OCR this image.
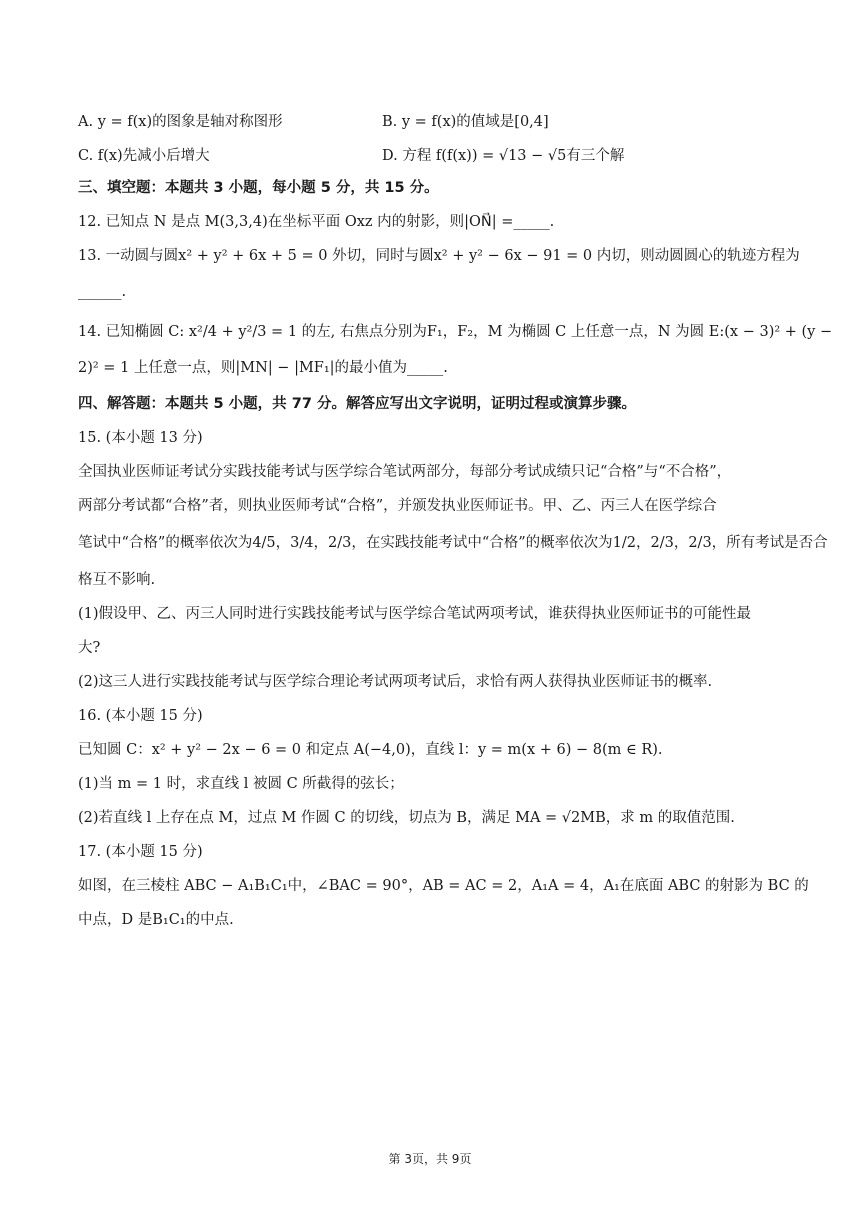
A. y = f(x)的图象是轴对称图形	B. y = f(x)的值域是[0,4]
C. f(x)先减小后增大	D. 方程 f(f(x)) = √13 − √5有三个解
三、填空题：本题共 3 小题，每小题 5 分，共 15 分。
12. 已知点 N 是点 M(3,3,4)在坐标平面 Oxz 内的射影，则|ON⃗| =_____.
13. 一动圆与圆x² + y² + 6x + 5 = 0 外切，同时与圆x² + y² − 6x − 91 = 0 内切，则动圆圆心的轨迹方程为
______.
14. 已知椭圆 C: x²/4 + y²/3 = 1 的左, 右焦点分别为F₁，F₂，M 为椭圆 C 上任意一点，N 为圆 E:(x − 3)² + (y −
2)² = 1 上任意一点，则|MN| − |MF₁|的最小值为_____.
四、解答题：本题共 5 小题，共 77 分。解答应写出文字说明，证明过程或演算步骤。
15. (本小题 13 分)
全国执业医师证考试分实践技能考试与医学综合笔试两部分，每部分考试成绩只记“合格”与“不合格”，
两部分考试都“合格”者，则执业医师考试“合格”，并颁发执业医师证书。甲、乙、丙三人在医学综合
笔试中“合格”的概率依次为4/5，3/4，2/3，在实践技能考试中“合格”的概率依次为1/2，2/3，2/3，所有考试是否合
格互不影响.
(1)假设甲、乙、丙三人同时进行实践技能考试与医学综合笔试两项考试，谁获得执业医师证书的可能性最
大?
(2)这三人进行实践技能考试与医学综合理论考试两项考试后，求恰有两人获得执业医师证书的概率.
16. (本小题 15 分)
已知圆 C：x² + y² − 2x − 6 = 0 和定点 A(−4,0)，直线 l：y = m(x + 6) − 8(m ∈ R).
(1)当 m = 1 时，求直线 l 被圆 C 所截得的弦长；
(2)若直线 l 上存在点 M，过点 M 作圆 C 的切线，切点为 B，满足 MA = √2MB，求 m 的取值范围.
17. (本小题 15 分)
如图，在三棱柱 ABC − A₁B₁C₁中，∠BAC = 90°，AB = AC = 2，A₁A = 4，A₁在底面 ABC 的射影为 BC 的
中点，D 是B₁C₁的中点.
第 3页，共 9页
